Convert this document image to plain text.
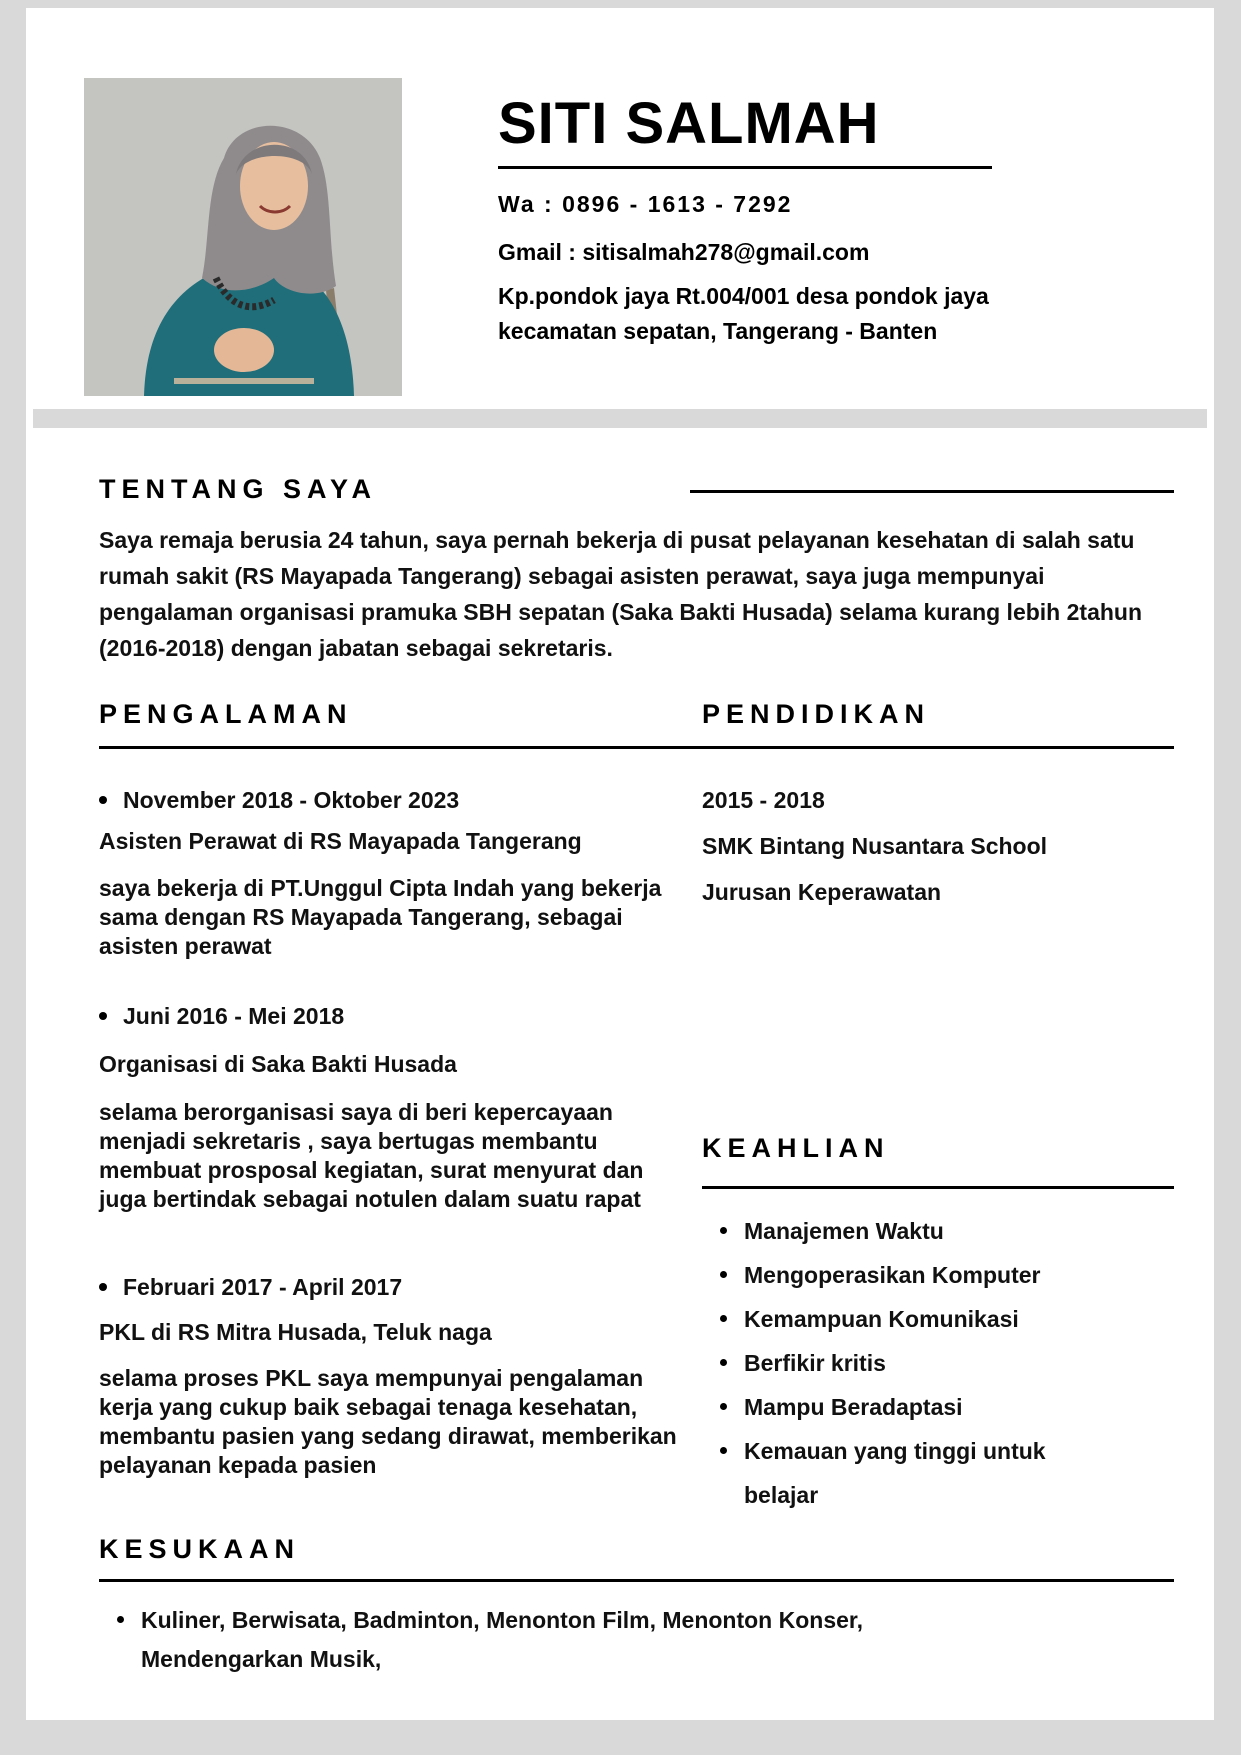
SITI SALMAH
Wa : 0896 - 1613 - 7292
Gmail : sitisalmah278@gmail.com
Kp.pondok jaya Rt.004/001 desa pondok jaya kecamatan sepatan, Tangerang - Banten
TENTANG SAYA

Saya remaja berusia 24 tahun, saya pernah bekerja di pusat pelayanan kesehatan di salah satu rumah sakit (RS Mayapada Tangerang) sebagai asisten perawat, saya juga mempunyai pengalaman organisasi pramuka SBH sepatan (Saka Bakti Husada) selama kurang lebih 2tahun (2016-2018) dengan jabatan sebagai sekretaris.

PENGALAMAN	PENDIDIKAN
November 2018 - Oktober 2023
Asisten Perawat di RS Mayapada Tangerang

saya bekerja di PT.Unggul Cipta Indah yang bekerja sama dengan RS Mayapada Tangerang, sebagai asisten perawat

Juni 2016 - Mei 2018
Organisasi di Saka Bakti Husada

selama berorganisasi saya di beri kepercayaan menjadi sekretaris , saya bertugas membantu membuat prosposal kegiatan, surat menyurat dan juga bertindak sebagai notulen dalam suatu rapat

Februari 2017 - April 2017
PKL di RS Mitra Husada, Teluk naga

selama proses PKL saya mempunyai pengalaman kerja yang cukup baik sebagai tenaga kesehatan, membantu pasien yang sedang dirawat, memberikan pelayanan kepada pasien

2015 - 2018
SMK Bintang Nusantara School
Jurusan Keperawatan
KEAHLIAN
Manajemen Waktu
Mengoperasikan Komputer
Kemampuan Komunikasi
Berfikir kritis
Mampu Beradaptasi
Kemauan yang tinggi untuk belajar
KESUKAAN
Kuliner, Berwisata, Badminton, Menonton Film, Menonton Konser, Mendengarkan Musik,
